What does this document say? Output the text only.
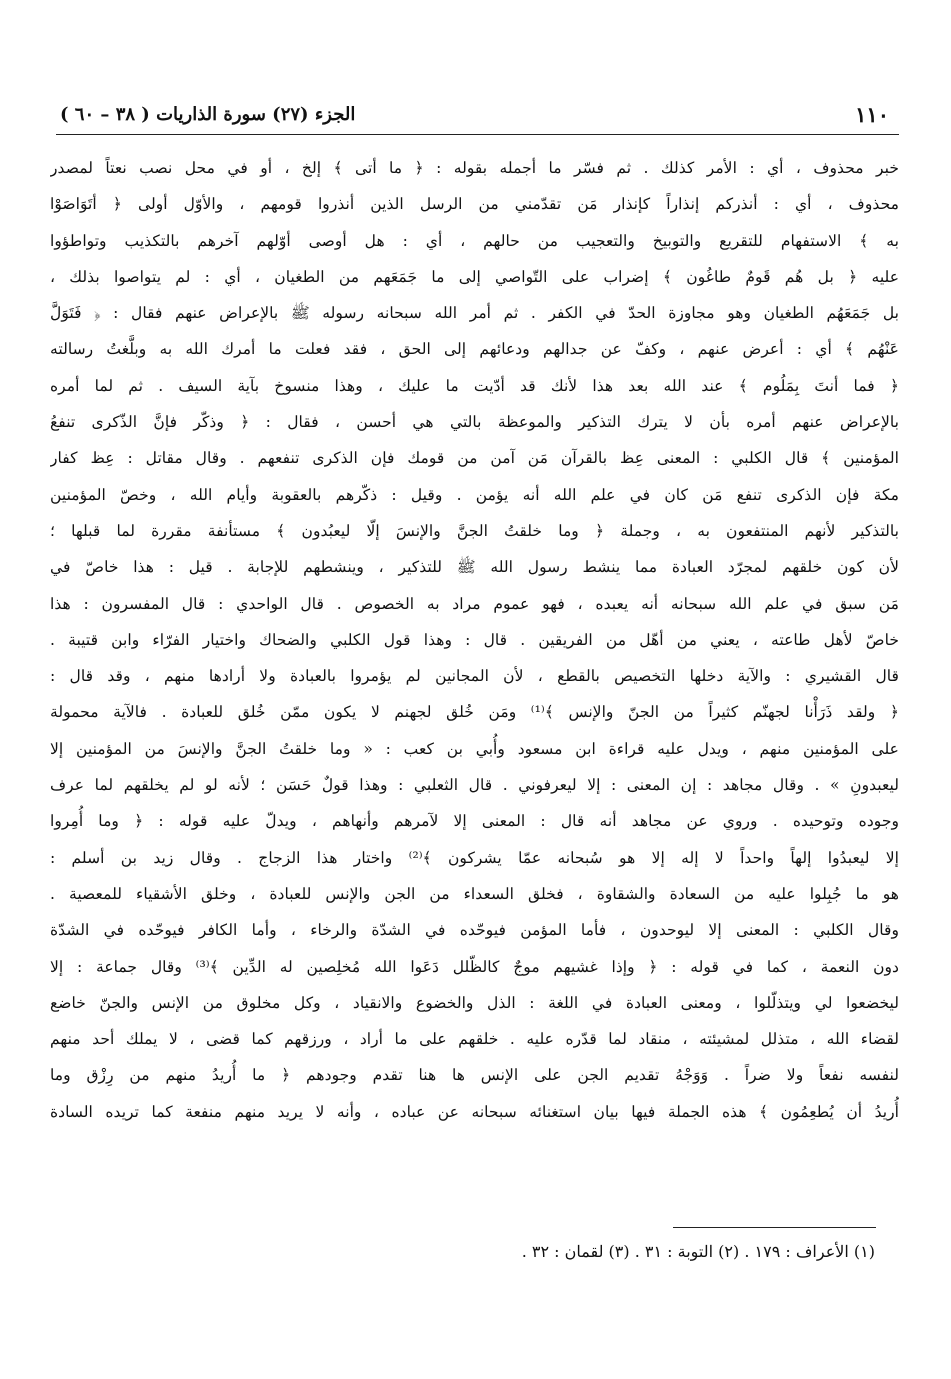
١١٠
الجزء (٢٧) سورة الذاريات ( ٣٨ – ٦٠ )
خبر محذوف ، أي : الأمر كذلك . ثم فسّر ما أجمله بقوله : ﴿ ما أتى ﴾ إلخ ، أو في محل نصب نعتاً لمصدر
محذوف ، أي : أنذركم إنذاراً كإنذار مَن تقدّمني من الرسل الذين أنذروا قومهم ، والأوّل أولى ﴿ أتَوَاصَوْا
به ﴾ الاستفهام للتقريع والتوبيخ والتعجيب من حالهم ، أي : هل أوصى أوّلهم آخرهم بالتكذيب وتواطؤوا
عليه ﴿ بل هُم قَومٌ طاغُون ﴾ إضراب على التّواصي إلى ما جَمَعَهم من الطغيان ، أي : لم يتواصوا بذلك ،
بل جَمَعَهُم الطغيان وهو مجاوزة الحدّ في الكفر . ثم أمر الله سبحانه رسوله ﷺ بالإعراض عنهم فقال : ﴿ فَتَوَلَّ
عَنْهُم ﴾ أي : أعرض عنهم ، وكفّ عن جدالهم ودعائهم إلى الحق ، فقد فعلت ما أمرك الله به وبلَّغتُ رسالته
﴿ فما أنتَ بِمَلُوم ﴾ عند الله بعد هذا لأنك قد أدّيت ما عليك ، وهذا منسوخ بآية السيف . ثم لما أمره
بالإعراض عنهم أمره بأن لا يترك التذكير والموعظة بالتي هي أحسن ، فقال : ﴿ وذكّر فإنَّ الذّكرى تنفعُ
المؤمنين ﴾ قال الكلبي : المعنى عِظ بالقرآن مَن آمن من قومك فإن الذكرى تنفعهم . وقال مقاتل : عِظ كفار
مكة فإن الذكرى تنفع مَن كان في علم الله أنه يؤمن . وقيل : ذكّرهم بالعقوبة وأيام الله ، وخصّ المؤمنين
بالتذكير لأنهم المنتفعون به ، وجملة ﴿ وما خلقتُ الجنَّ والإنسَ إلّا ليعبُدون ﴾ مستأنفة مقررة لما قبلها ؛
لأن كون خلقهم لمجرّد العبادة مما ينشط رسول الله ﷺ للتذكير ، وينشطهم للإجابة . قيل : هذا خاصّ في
مَن سبق في علم الله سبحانه أنه يعبده ، فهو عموم مراد به الخصوص . قال الواحدي : قال المفسرون : هذا
خاصّ لأهل طاعته ، يعني من أهّل من الفريقين . قال : وهذا قول الكلبي والضحاك واختيار الفرّاء وابن قتيبة .
قال القشيري : والآية دخلها التخصيص بالقطع ، لأن المجانين لم يؤمروا بالعبادة ولا أرادها منهم ، وقد قال :
﴿ ولقد ذَرَأْنا لجهنّم كثيراً من الجنّ والإنس ﴾⁽¹⁾ ومَن خُلق لجهنم لا يكون ممّن خُلق للعبادة . فالآية محمولة
على المؤمنين منهم ، ويدل عليه قراءة ابن مسعود وأُبي بن كعب : « وما خلقتُ الجنَّ والإنسَ من المؤمنين إلا
ليعبدونِ » . وقال مجاهد : إن المعنى : إلا ليعرفوني . قال الثعلبي : وهذا قولٌ حَسَن ؛ لأنه لو لم يخلقهم لما عرف
وجوده وتوحيده . وروي عن مجاهد أنه قال : المعنى إلا لآمرهم وأنهاهم ، ويدلّ عليه قوله : ﴿ وما أُمِروا
إلا ليعبدُوا إلهاً واحداً لا إله إلا هو سُبحانه عمّا يشركون ﴾⁽²⁾ واختار هذا الزجاج . وقال زيد بن أسلم :
هو ما جُبِلوا عليه من السعادة والشقاوة ، فخلق السعداء من الجن والإنس للعبادة ، وخلق الأشقياء للمعصية .
وقال الكلبي : المعنى إلا ليوحدون ، فأما المؤمن فيوحّده في الشدّة والرخاء ، وأما الكافر فيوحّده في الشدّة
دون النعمة ، كما في قوله : ﴿ وإذا غشيهم موجٌ كالظّلل دَعَوا الله مُخلِصين له الدِّين ﴾⁽³⁾ وقال جماعة : إلا
ليخضعوا لي ويتذلّلوا ، ومعنى العبادة في اللغة : الذل والخضوع والانقياد ، وكل مخلوق من الإنس والجنّ خاضع
لقضاء الله ، متذلل لمشيئته ، منقاد لما قدّره عليه . خلقهم على ما أراد ، ورزقهم كما قضى ، لا يملك أحد منهم
لنفسه نفعاً ولا ضراً . وَوَجْهُ تقديم الجن على الإنس ها هنا تقدم وجودهم ﴿ ما أُريدُ منهم من رِزْق وما
أُريدُ أن يُطعِمُون ﴾ هذه الجملة فيها بيان استغنائه سبحانه عن عباده ، وأنه لا يريد منهم منفعة كما تريده السادة
(١) الأعراف : ١٧٩ . (٢) التوبة : ٣١ . (٣) لقمان : ٣٢ .
